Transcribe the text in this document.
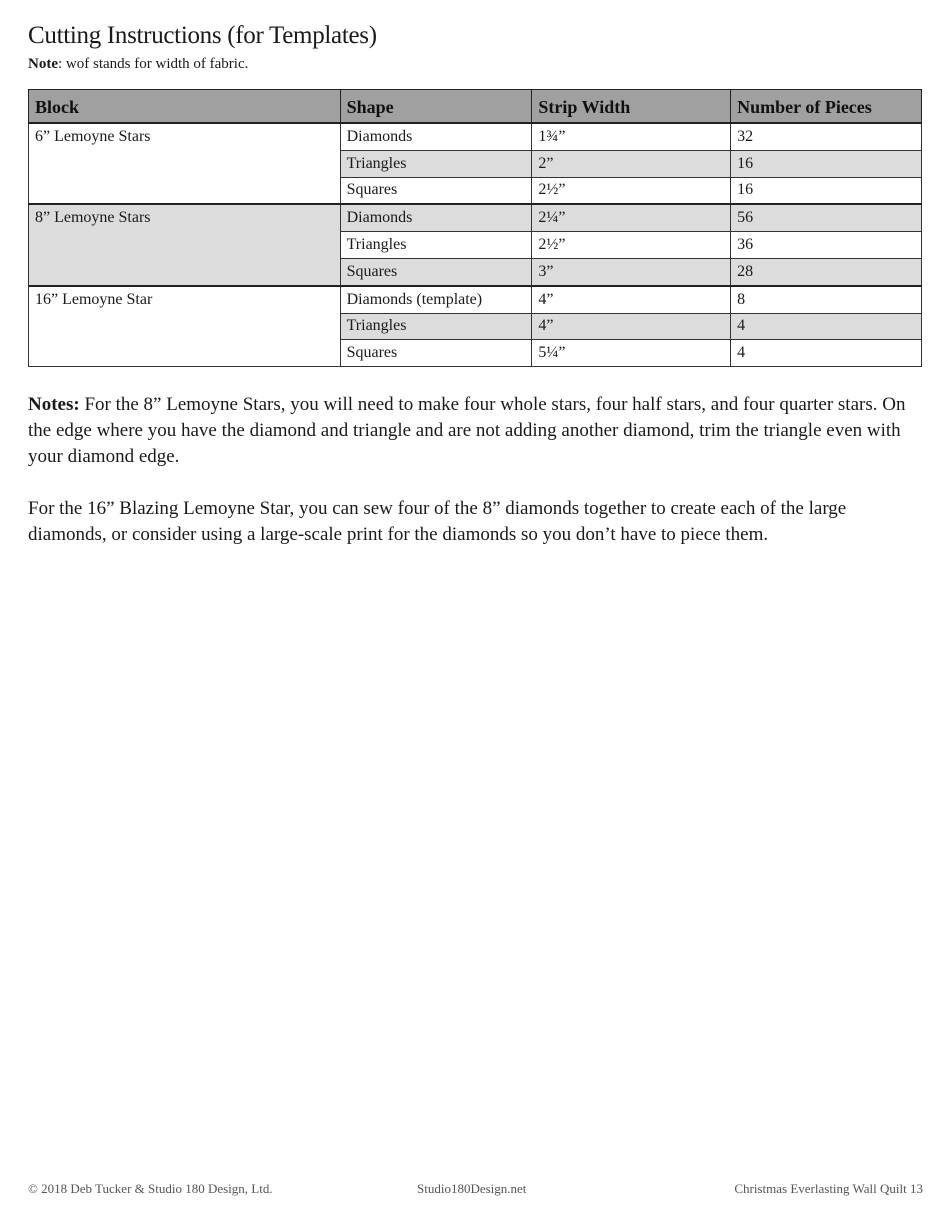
Cutting Instructions (for Templates)
Note: wof stands for width of fabric.
Block	Shape	Strip Width	Number of Pieces
6” Lemoyne Stars	Diamonds	1¾”	32
	Triangles	2”	16
	Squares	2½”	16
8” Lemoyne Stars	Diamonds	2¼”	56
	Triangles	2½”	36
	Squares	3”	28
16” Lemoyne Star	Diamonds (template)	4”	8
	Triangles	4”	4
	Squares	5¼”	4
Notes: For the 8” Lemoyne Stars, you will need to make four whole stars, four half stars, and four quarter stars. On the edge where you have the diamond and triangle and are not adding another diamond, trim the triangle even with your diamond edge.
For the 16” Blazing Lemoyne Star, you can sew four of the 8” diamonds together to create each of the large diamonds, or consider using a large-scale print for the diamonds so you don’t have to piece them.
© 2018 Deb Tucker & Studio 180 Design, Ltd.	Studio180Design.net	Christmas Everlasting Wall Quilt 13
